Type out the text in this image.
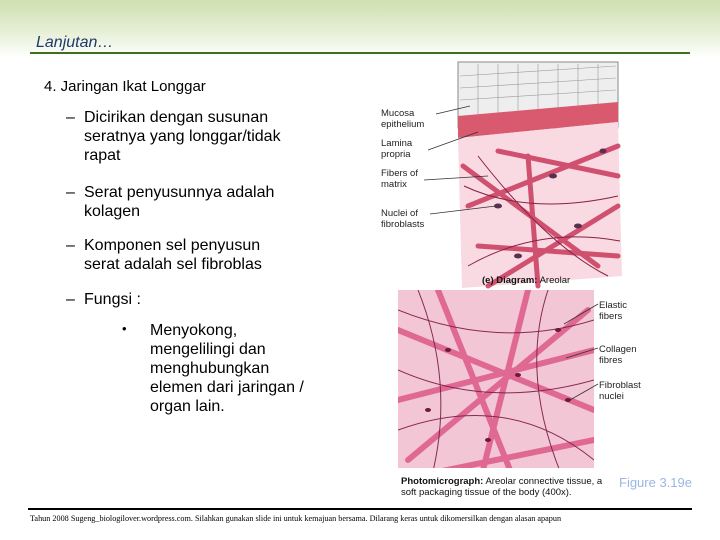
Lanjutan…
4. Jaringan Ikat Longgar
– Dicirikan dengan susunan
seratnya yang longgar/tidak
rapat
– Serat penyusunnya adalah
kolagen
– Komponen sel penyusun
serat adalah sel fibroblas
– Fungsi :
• Menyokong,
mengelilingi dan
menghubungkan
elemen dari jaringan /
organ lain.
Mucosa
epithelium
Lamina
propria
Fibers of
matrix
Nuclei of
fibroblasts
(e) Diagram: Areolar
Elastic
fibers
Collagen
fibres
Fibroblast
nuclei
Photomicrograph: Areolar connective tissue, a
soft packaging tissue of the body (400x).
Figure 3.19e
Tahun 2008 Sugeng_biologilover.wordpress.com. Silahkan gunakan slide ini untuk kemajuan bersama. Dilarang keras untuk dikomersilkan dengan alasan apapun
